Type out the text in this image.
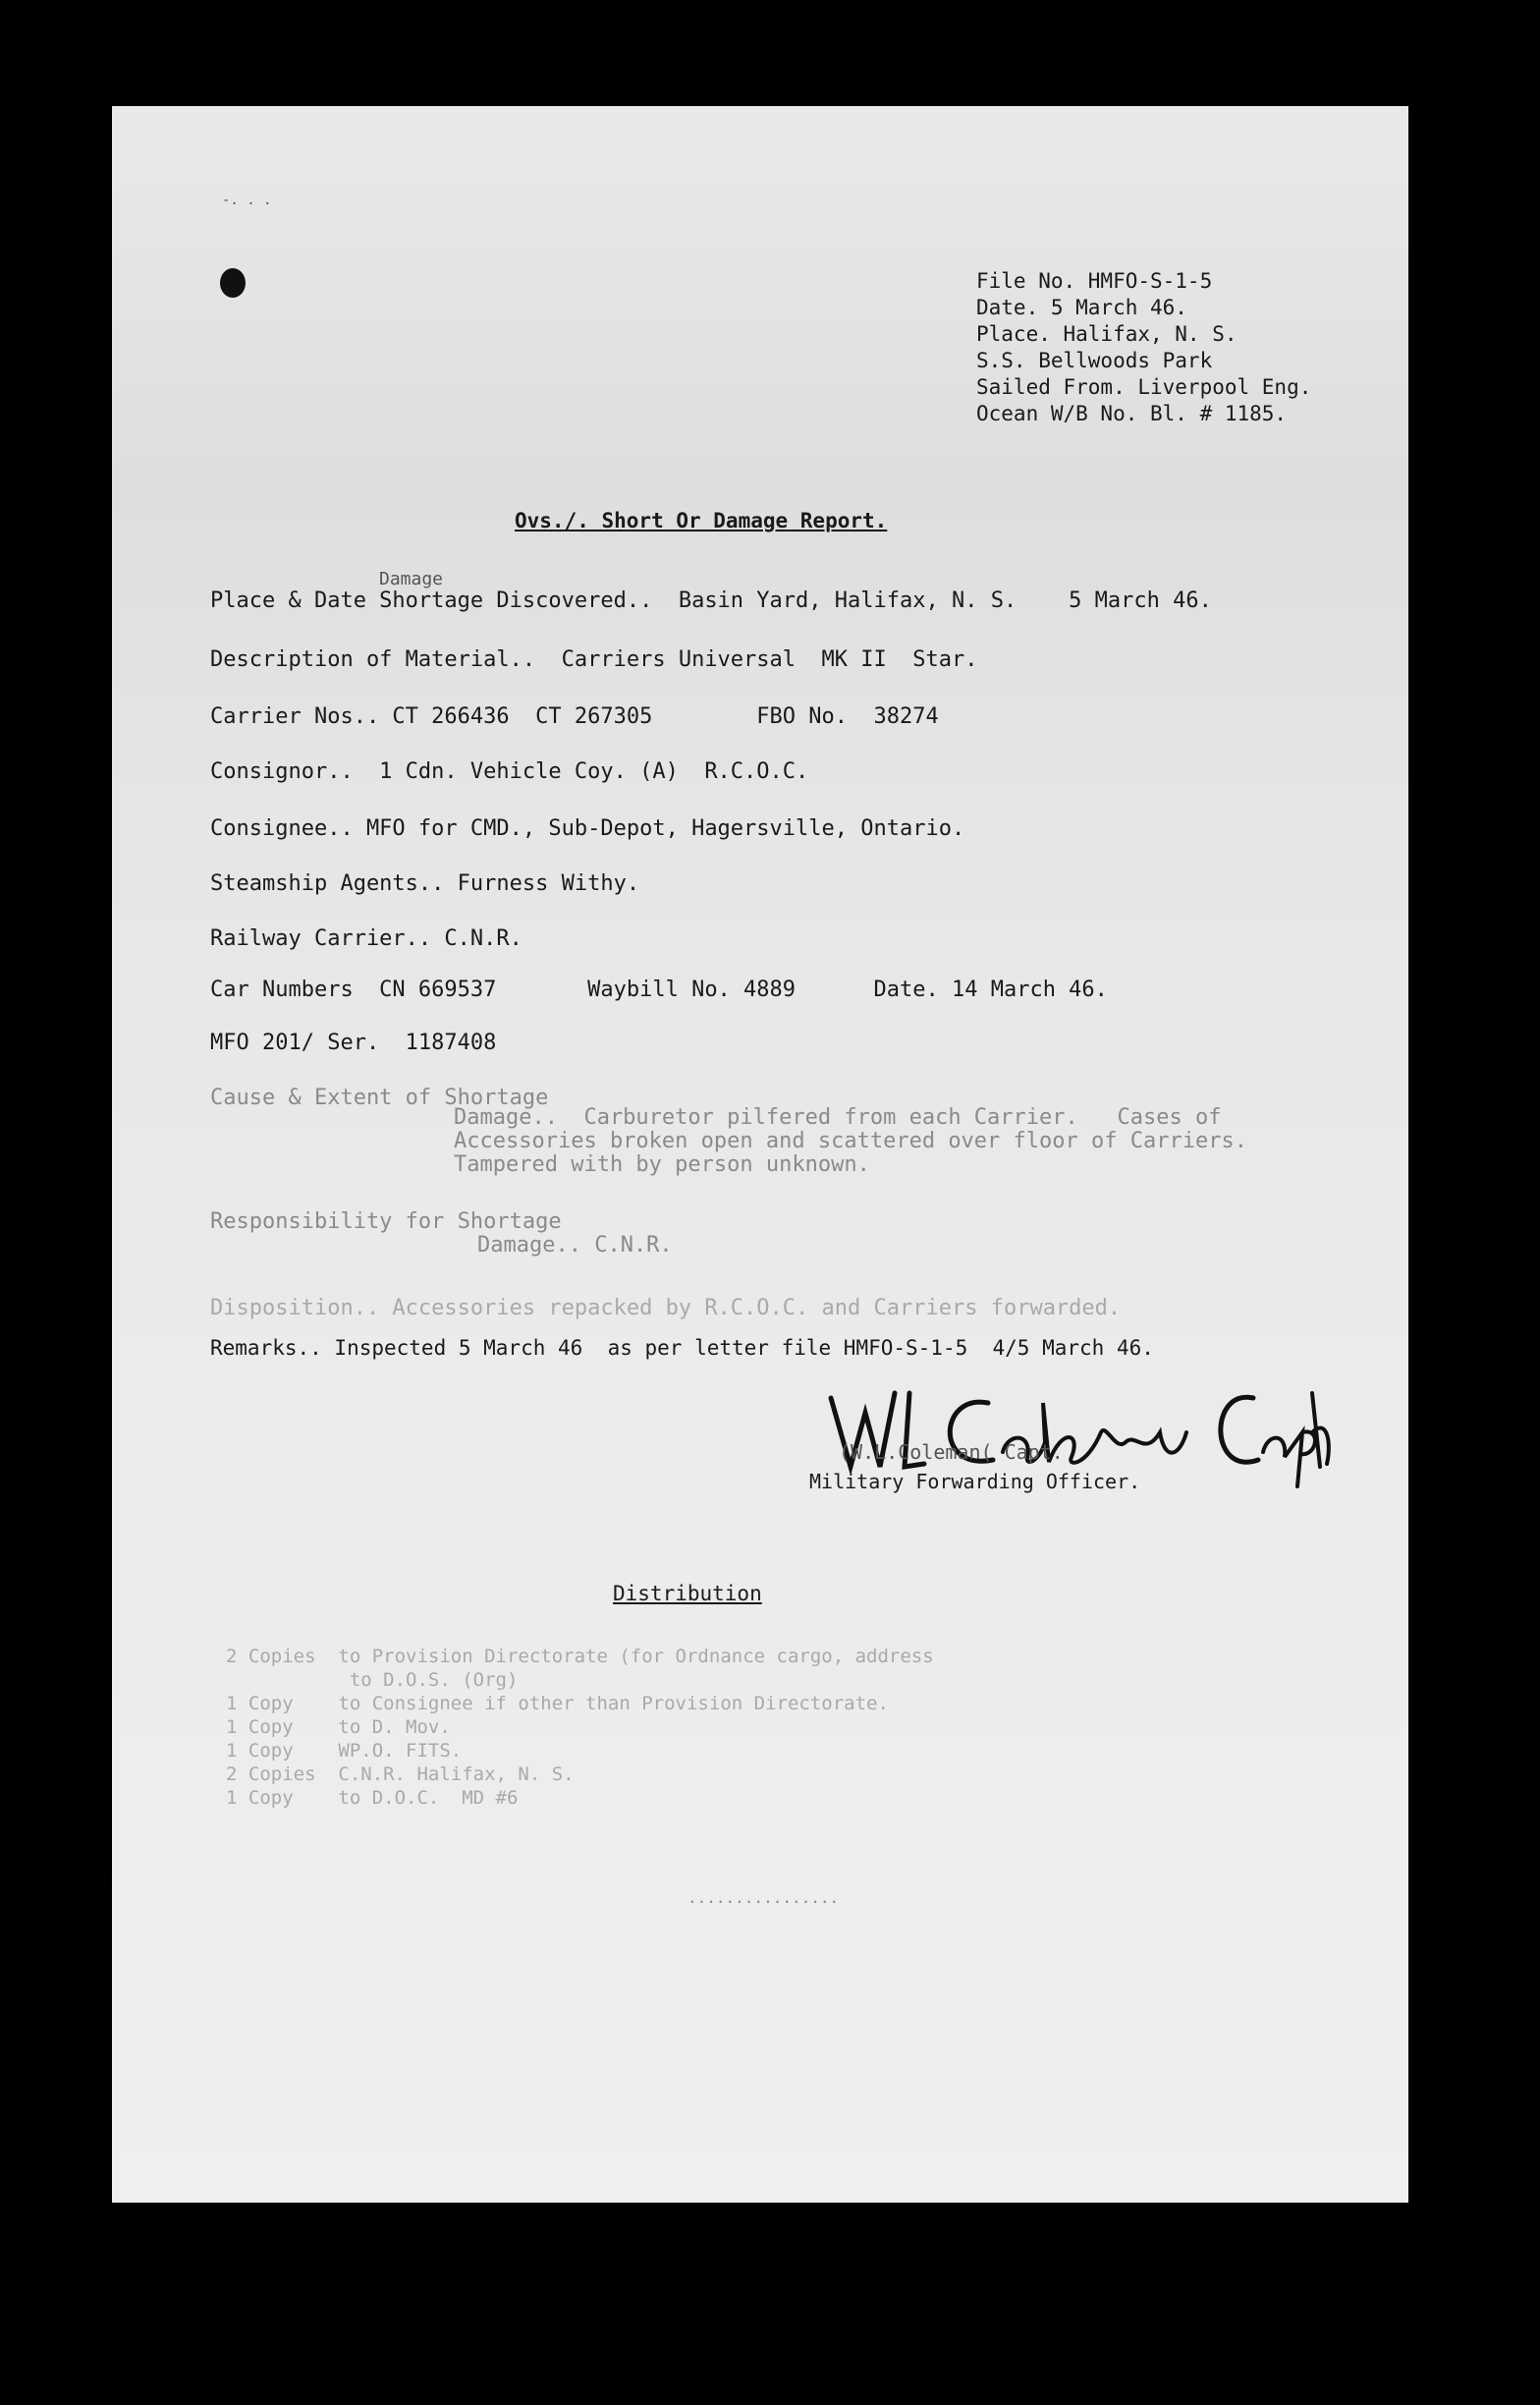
-. . .
File No. HMFO-S-1-5
Date. 5 March 46.
Place. Halifax, N. S.
S.S. Bellwoods Park
Sailed From. Liverpool Eng.
Ocean W/B No. Bl. # 1185.
Ovs./. Short Or Damage Report.
Damage
Place & Date Shortage Discovered..  Basin Yard, Halifax, N. S.    5 March 46.
Description of Material..  Carriers Universal  MK II  Star.
Carrier Nos.. CT 266436  CT 267305        FBO No.  38274
Consignor..  1 Cdn. Vehicle Coy. (A)  R.C.O.C.
Consignee.. MFO for CMD., Sub-Depot, Hagersville, Ontario.
Steamship Agents.. Furness Withy.
Railway Carrier.. C.N.R.
Car Numbers  CN 669537       Waybill No. 4889      Date. 14 March 46.
MFO 201/ Ser.  1187408
Cause & Extent of Shortage
Damage..  Carburetor pilfered from each Carrier.   Cases of
Accessories broken open and scattered over floor of Carriers.
Tampered with by person unknown.
Responsibility for Shortage
Damage.. C.N.R.
Disposition.. Accessories repacked by R.C.O.C. and Carriers forwarded.
Remarks.. Inspected 5 March 46  as per letter file HMFO-S-1-5  4/5 March 46.
(W.L.Coleman( Capt.
Military Forwarding Officer.
Distribution
2 Copies  to Provision Directorate (for Ordnance cargo, address
to D.O.S. (Org)
1 Copy    to Consignee if other than Provision Directorate.
1 Copy    to D. Mov.
1 Copy    WP.O. FITS.
2 Copies  C.N.R. Halifax, N. S.
1 Copy    to D.O.C.  MD #6
................
